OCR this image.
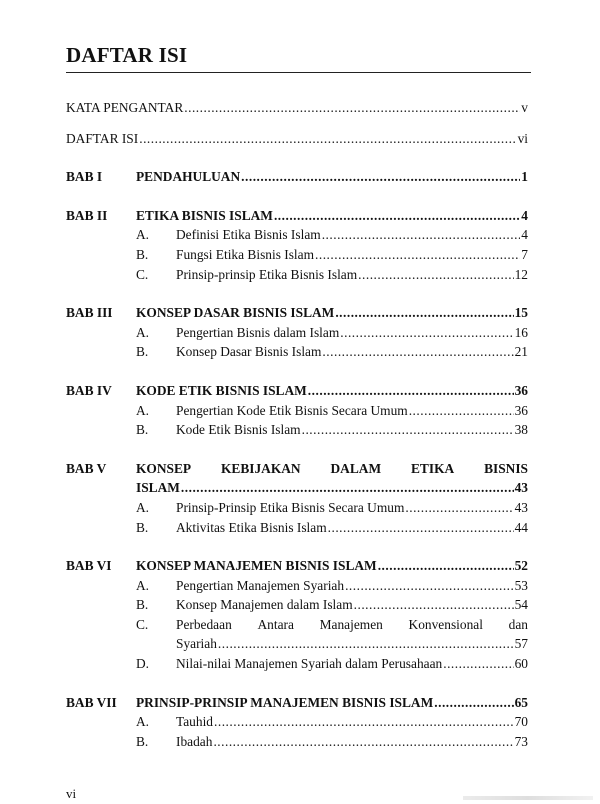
DAFTAR ISI
KATA PENGANTAR .....	v
DAFTAR ISI .....	vi
BAB I	PENDAHULUAN .....	1
BAB II	ETIKA BISNIS ISLAM .....	4
A.	Definisi Etika Bisnis Islam .....	4
B.	Fungsi Etika Bisnis Islam .....	7
C.	Prinsip-prinsip Etika Bisnis Islam .....	12
BAB III	KONSEP DASAR BISNIS ISLAM .....	15
A.	Pengertian Bisnis dalam Islam .....	16
B.	Konsep Dasar Bisnis Islam .....	21
BAB IV	KODE ETIK BISNIS ISLAM .....	36
A.	Pengertian Kode Etik Bisnis Secara Umum .....	36
B.	Kode Etik Bisnis Islam .....	38
BAB V	KONSEP KEBIJAKAN DALAM ETIKA BISNIS
ISLAM .....	43
A.	Prinsip-Prinsip Etika Bisnis Secara Umum .....	43
B.	Aktivitas Etika Bisnis Islam .....	44
BAB VI	KONSEP MANAJEMEN BISNIS ISLAM .....	52
A.	Pengertian Manajemen Syariah .....	53
B.	Konsep Manajemen dalam Islam .....	54
C.	Perbedaan Antara Manajemen Konvensional dan
Syariah .....	57
D.	Nilai-nilai Manajemen Syariah dalam Perusahaan .....	60
BAB VII	PRINSIP-PRINSIP MANAJEMEN BISNIS ISLAM .....	65
A.	Tauhid .....	70
B.	Ibadah .....	73
vi
